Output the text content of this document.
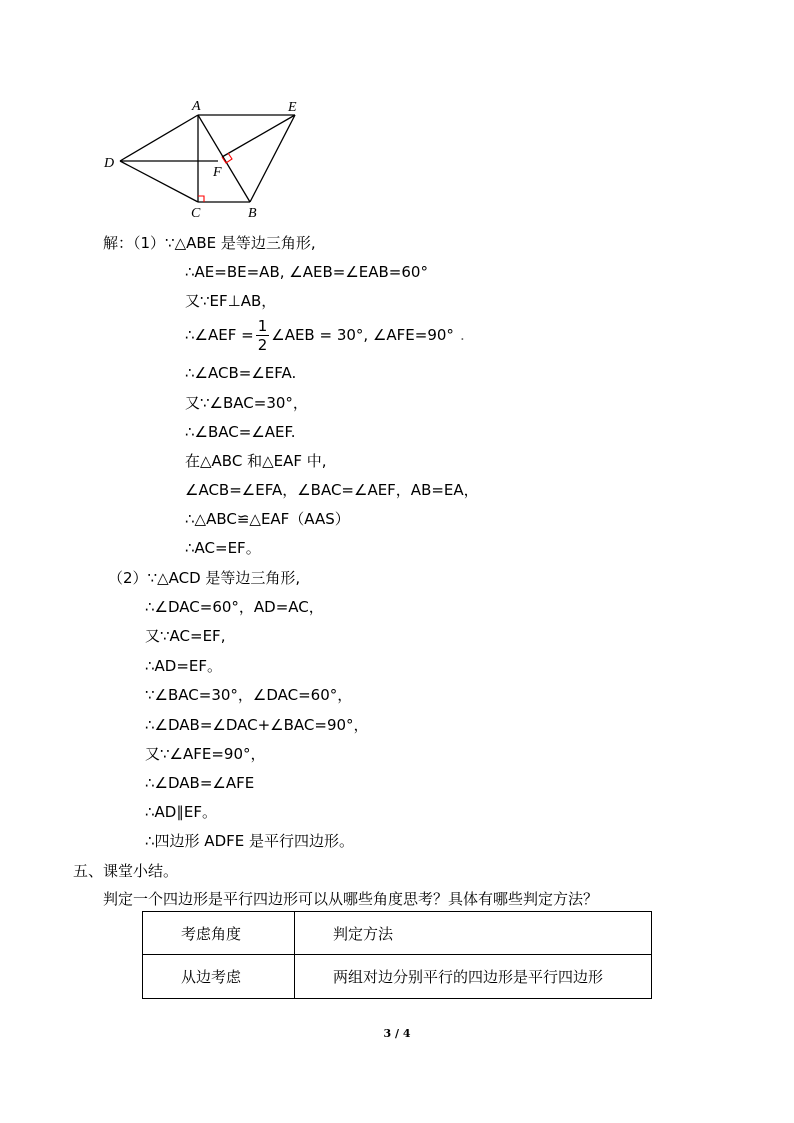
A	E
D
F
C	B
解：（1）∵△ABE 是等边三角形,
∴AE=BE=AB, ∠AEB=∠EAB=60°
又∵EF⊥AB，
∴∠AEF = $\frac{1}{2}$ ∠AEB = 30°, ∠AFE=90° .
∴∠ACB=∠EFA.
又∵∠BAC=30°，
∴∠BAC=∠AEF.
在△ABC 和△EAF 中,
∠ACB=∠EFA，∠BAC=∠AEF，AB=EA，
∴△ABC≌△EAF（AAS）
∴AC=EF。
（2）∵△ACD 是等边三角形,
∴∠DAC=60°，AD=AC，
又∵AC=EF,
∴AD=EF。
∵∠BAC=30°，∠DAC=60°，
∴∠DAB=∠DAC+∠BAC=90°，
又∵∠AFE=90°，
∴∠DAB=∠AFE
∴AD∥EF。
∴四边形 ADFE 是平行四边形。
五、课堂小结。
判定一个四边形是平行四边形可以从哪些角度思考？具体有哪些判定方法？
考虑角度	判定方法
从边考虑	两组对边分别平行的四边形是平行四边形
3 / 4
